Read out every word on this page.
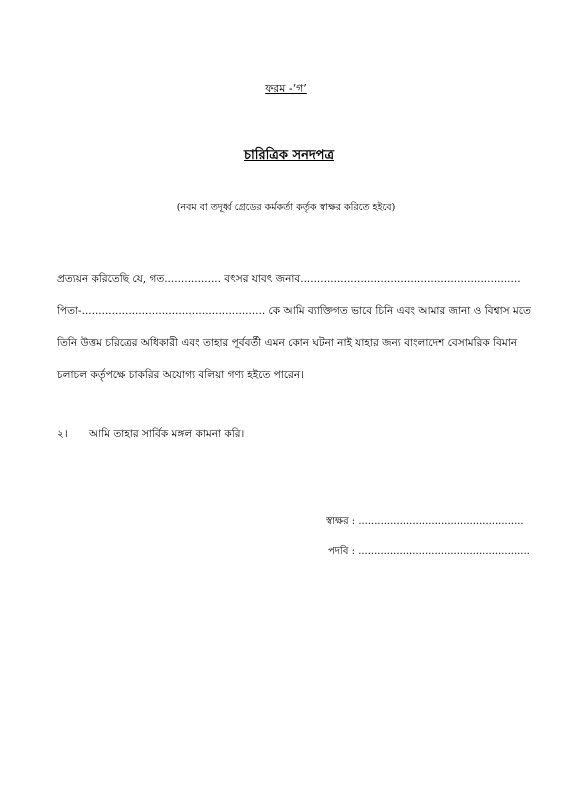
ফরম -‘গ’
চারিত্রিক সনদপত্র
(নবম বা তদূর্ধ্ব গ্রেডের কর্মকর্তা কর্তৃক স্বাক্ষর করিতে হইবে)
প্রত্যয়ন করিতেছি যে, গত................. বৎসর যাবৎ জনাব..................................................................
পিতা-....................................................... কে আমি ব্যাক্তিগত ভাবে চিনি এবং আমার জানা ও বিশ্বাস মতে
তিনি উত্তম চরিত্রের অধিকারী এবং তাহার পূর্ববর্তী এমন কোন ঘটনা নাই যাহার জন্য বাংলাদেশ বেসামরিক বিমান
চলাচল কর্তৃপক্ষে চাকরির অযোগ্য বলিয়া গণ্য হইতে পারেন।
২। আমি তাহার সার্বিক মঙ্গল কামনা করি।
স্বাক্ষর : ....................................................
পদবি : ......................................................
